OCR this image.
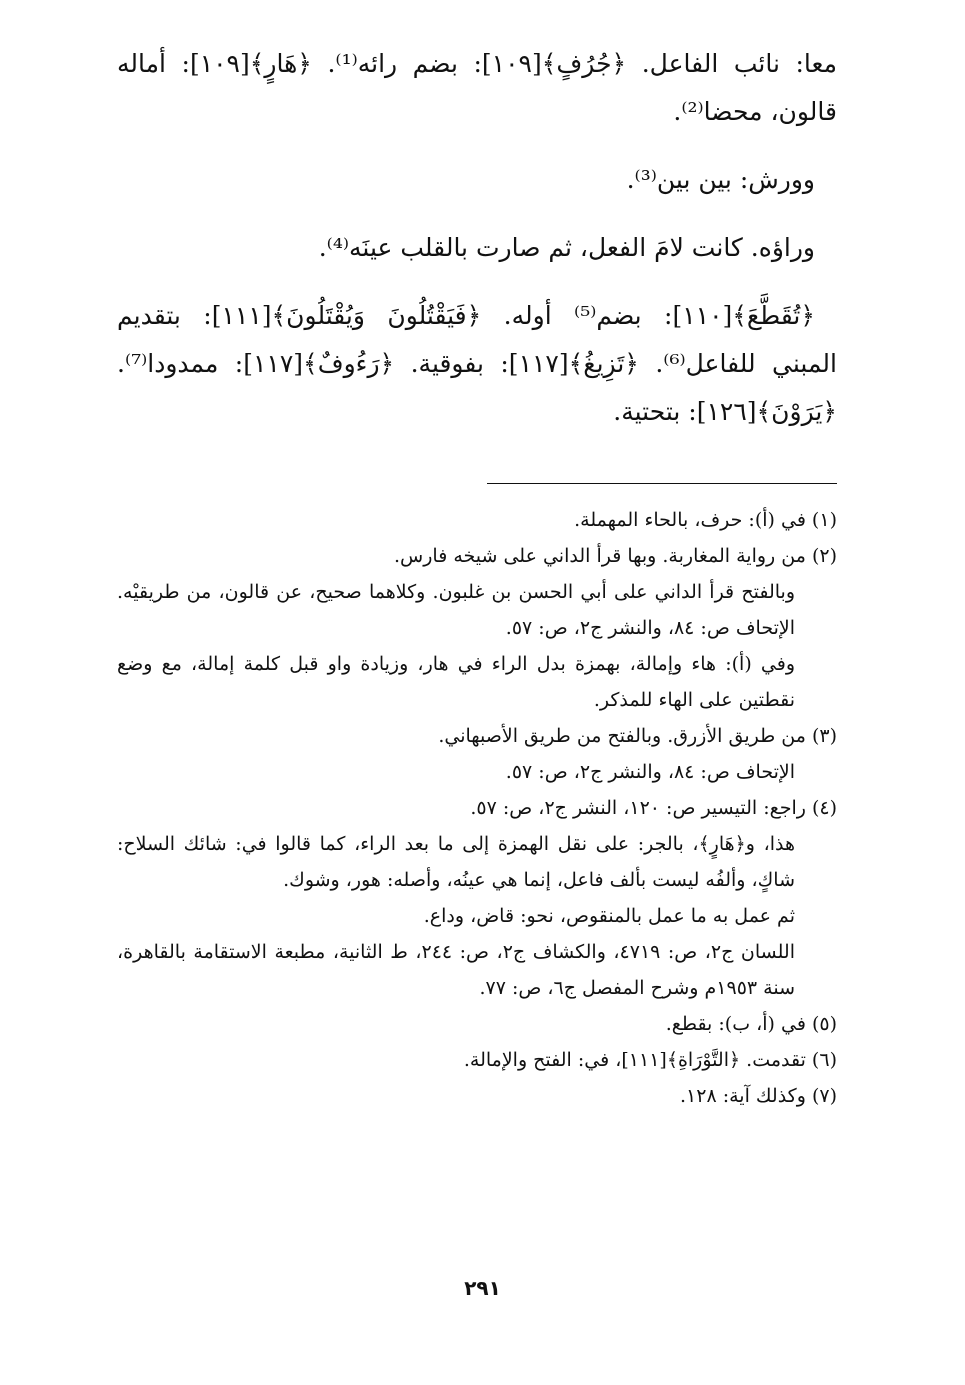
معا: نائب الفاعل. ﴿جُرُفٍ﴾[١٠٩]: بضم رائه⁽¹⁾. ﴿هَارٍ﴾[١٠٩]: أماله قالون، محضا⁽²⁾.

وورش: بين بين⁽³⁾.

وراؤه. كانت لامَ الفعل، ثم صارت بالقلب عينَه⁽⁴⁾.

﴿تُقَطَّعَ﴾[١١٠]: بضم⁽⁵⁾ أوله. ﴿فَيَقْتُلُونَ وَيُقْتَلُونَ﴾[١١١]: بتقديم المبني للفاعل⁽⁶⁾. ﴿تَزِيغُ﴾[١١٧]: بفوقية. ﴿رَءُوفٌ﴾[١١٧]: ممدودا⁽⁷⁾. ﴿يَرَوْنَ﴾[١٢٦]: بتحتية.

(١) في (أ): حرف، بالحاء المهملة.

(٢) من رواية المغاربة. وبها قرأ الداني على شيخه فارس.

وبالفتح قرأ الداني على أبي الحسن بن غلبون. وكلاهما صحيح، عن قالون، من طريقيْه. الإتحاف ص: ٨٤، والنشر ج٢، ص: ٥٧.

وفي (أ): هاء وإمالة، بهمزة بدل الراء في هار، وزيادة واو قبل كلمة إمالة، مع وضع نقطتين على الهاء للمذكر.

(٣) من طريق الأزرق. وبالفتح من طريق الأصبهاني.

الإتحاف ص: ٨٤، والنشر ج٢، ص: ٥٧.

(٤) راجع: التيسير ص: ١٢٠، النشر ج٢، ص: ٥٧.

هذا، و﴿هَارٍ﴾، بالجر: على نقل الهمزة إلى ما بعد الراء، كما قالوا في: شائك السلاح: شاكٍ، وألفُه ليست بألف فاعل، إنما هي عينُه، وأصله: هور، وشوك.

ثم عمل به ما عمل بالمنقوص، نحو: قاض، وداع.

اللسان ج٢، ص: ٤٧١٩، والكشاف ج٢، ص: ٢٤٤، ط الثانية، مطبعة الاستقامة بالقاهرة، سنة ١٩٥٣م وشرح المفصل ج٦، ص: ٧٧.

(٥) في (أ، ب): بقطع.

(٦) تقدمت. ﴿التَّوْرَاةِ﴾[١١١]، في: الفتح والإمالة.

(٧) وكذلك آية: ١٢٨.

٢٩١
